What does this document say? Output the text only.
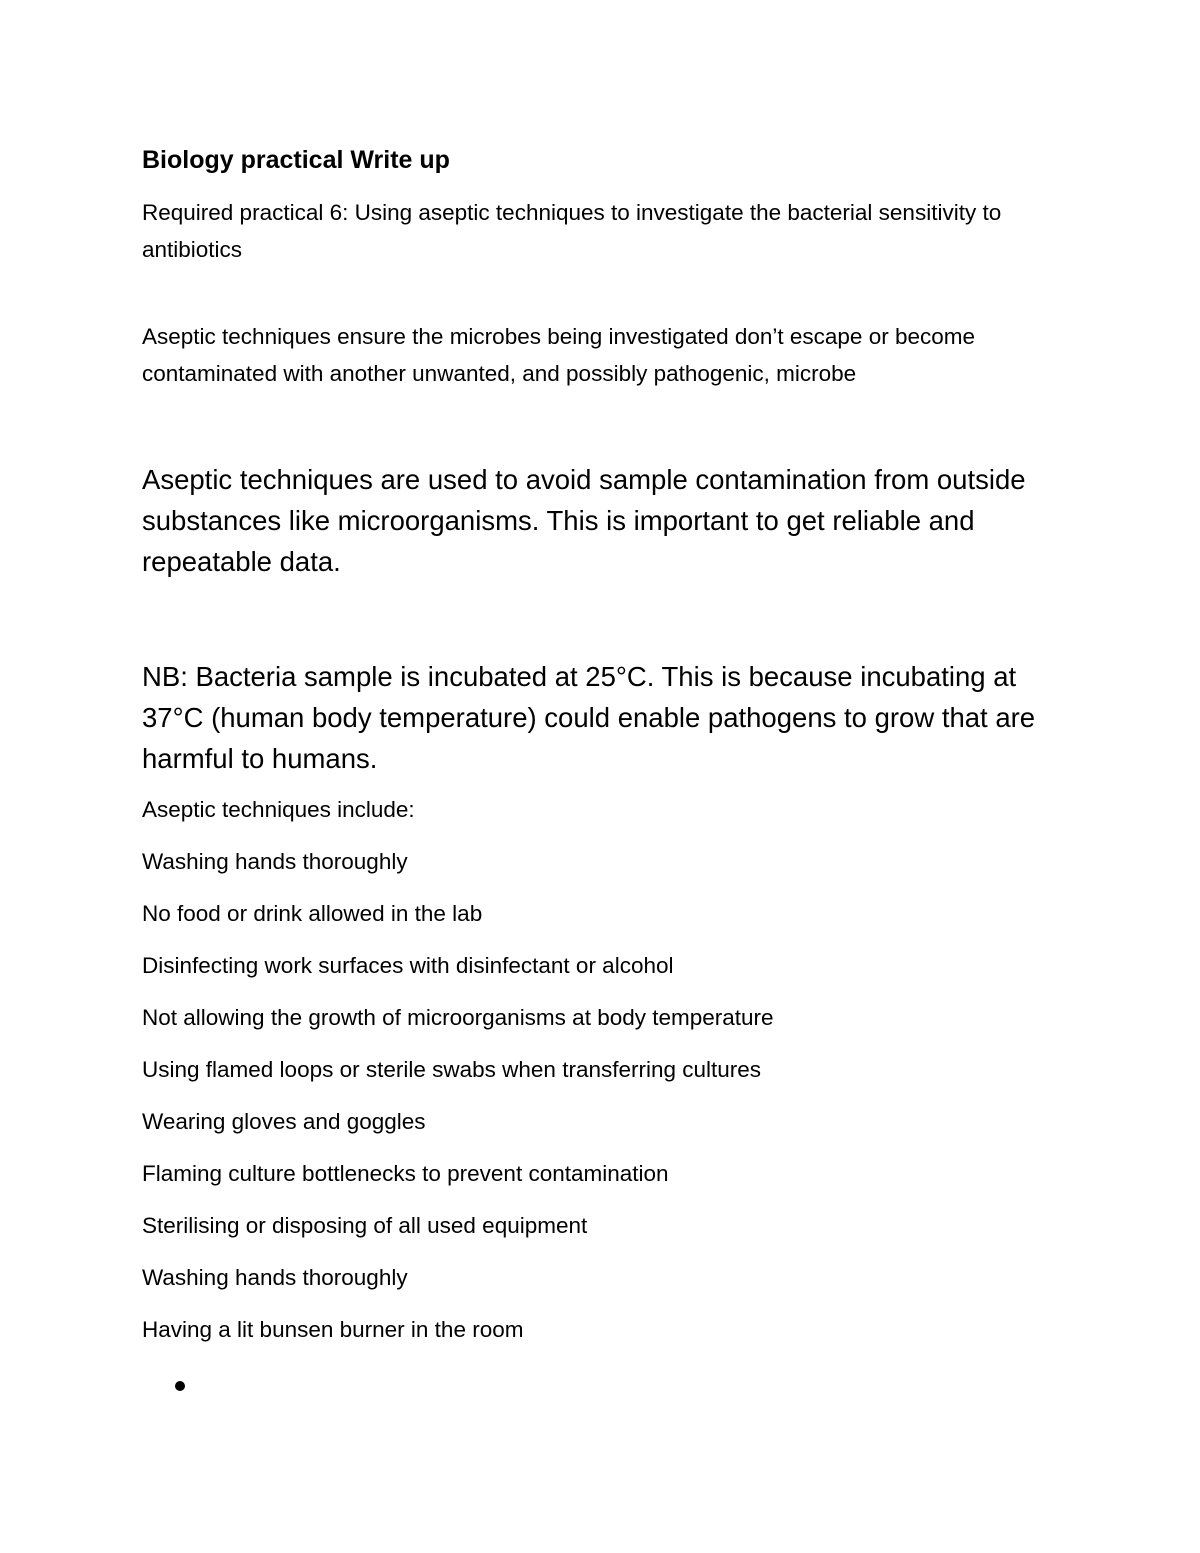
Biology practical Write up

Required practical 6: Using aseptic techniques to investigate the bacterial sensitivity to antibiotics

Aseptic techniques ensure the microbes being investigated don’t escape or become contaminated with another unwanted, and possibly pathogenic, microbe

Aseptic techniques are used to avoid sample contamination from outside substances like microorganisms. This is important to get reliable and repeatable data.

NB: Bacteria sample is incubated at 25°C. This is because incubating at 37°C (human body temperature) could enable pathogens to grow that are harmful to humans.

Aseptic techniques include:

Washing hands thoroughly
No food or drink allowed in the lab
Disinfecting work surfaces with disinfectant or alcohol
Not allowing the growth of microorganisms at body temperature
Using flamed loops or sterile swabs when transferring cultures
Wearing gloves and goggles
Flaming culture bottlenecks to prevent contamination
Sterilising or disposing of all used equipment
Washing hands thoroughly
Having a lit bunsen burner in the room
